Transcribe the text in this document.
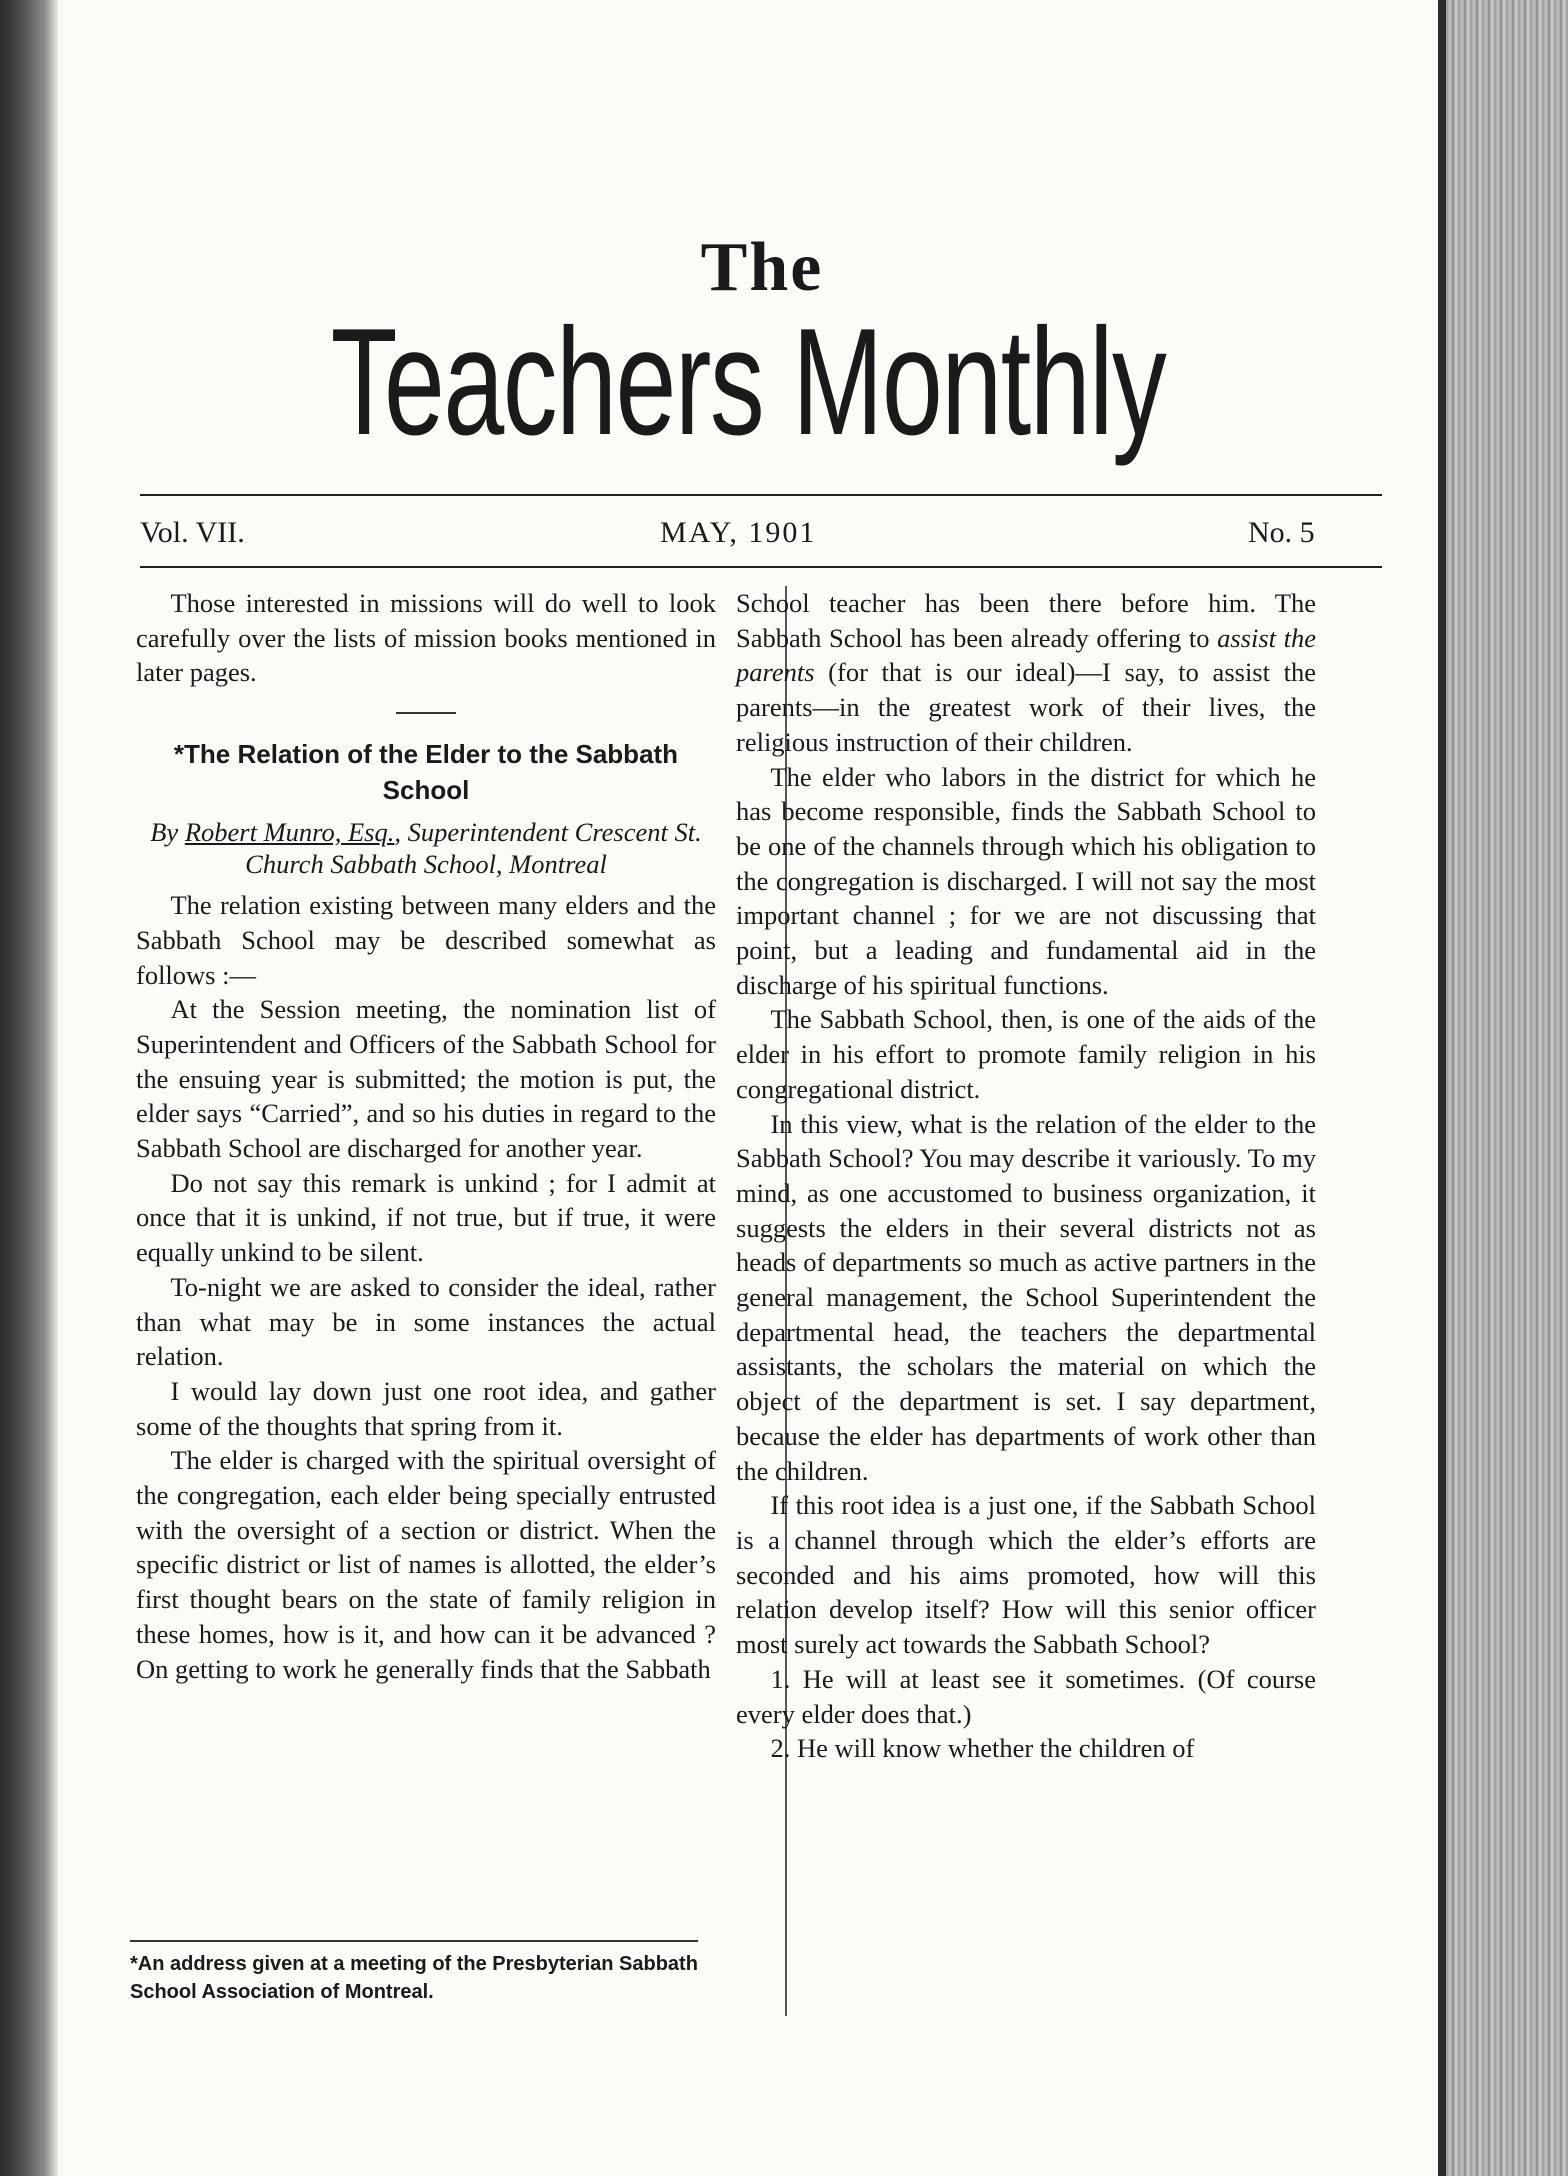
The
Teachers Monthly
Vol. VII.	MAY, 1901	No. 5

Those interested in missions will do well to look carefully over the lists of mission books mentioned in later pages.

*The Relation of the Elder to the Sabbath School
By Robert Munro, Esq., Superintendent Crescent St. Church Sabbath School, Montreal

The relation existing between many elders and the Sabbath School may be described somewhat as follows :—

At the Session meeting, the nomination list of Superintendent and Officers of the Sabbath School for the ensuing year is submitted; the motion is put, the elder says “Carried”, and so his duties in regard to the Sabbath School are discharged for another year.

Do not say this remark is unkind ; for I admit at once that it is unkind, if not true, but if true, it were equally unkind to be silent.

To-night we are asked to consider the ideal, rather than what may be in some instances the actual relation.

I would lay down just one root idea, and gather some of the thoughts that spring from it.

The elder is charged with the spiritual oversight of the congregation, each elder being specially entrusted with the oversight of a section or district. When the specific district or list of names is allotted, the elder’s first thought bears on the state of family religion in these homes, how is it, and how can it be advanced ? On getting to work he generally finds that the Sabbath

School teacher has been there before him. The Sabbath School has been already offering to assist the parents (for that is our ideal)—I say, to assist the parents—in the greatest work of their lives, the religious instruction of their children.

The elder who labors in the district for which he has become responsible, finds the Sabbath School to be one of the channels through which his obligation to the congregation is discharged. I will not say the most important channel ; for we are not discussing that point, but a leading and fundamental aid in the discharge of his spiritual functions.

The Sabbath School, then, is one of the aids of the elder in his effort to promote family religion in his congregational district.

In this view, what is the relation of the elder to the Sabbath School? You may describe it variously. To my mind, as one accustomed to business organization, it suggests the elders in their several districts not as heads of departments so much as active partners in the general management, the School Superintendent the departmental head, the teachers the departmental assistants, the scholars the material on which the object of the department is set. I say department, because the elder has departments of work other than the children.

If this root idea is a just one, if the Sabbath School is a channel through which the elder’s efforts are seconded and his aims promoted, how will this relation develop itself? How will this senior officer most surely act towards the Sabbath School?

1. He will at least see it sometimes. (Of course every elder does that.)

2. He will know whether the children of

*An address given at a meeting of the Presbyterian Sabbath School Association of Montreal.
